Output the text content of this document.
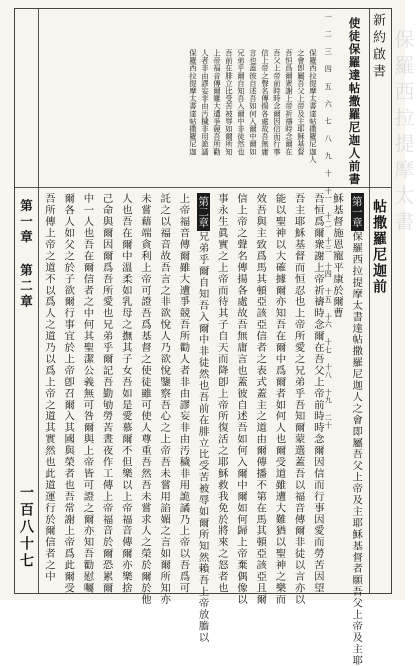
新約啟書
帖撒羅尼迦前
使徒保羅達帖撒羅尼迦人前書
一百八十七
第一章 第二章	一 二 三 四 五 六 七 八 九 十 十一 十二 十三 十四 十五 十六 十七 十八 十九 二十
保羅西拉提摩太書達帖撒羅尼迦人
之會卽屬吾父上帝及主耶穌基督
吾恒爲爾衆謝上帝祈禱時念爾在
吾父上帝前時時念爾因信而行事
信上帝之聲名傳揚各處故吾無庸
言也蓋彼自述吾如何入爾中爾如
兄弟乎爾自知吾入爾中非徒然也
吾前在腓立比受苦被辱如爾所知
上帝福音傳爾雖大遭爭競吾所勸
人者非由謬妄非由汚穢非用詭譎
保羅西拉提摩太書達帖撒羅尼迦
第一章
保羅西拉提摩太書達帖撒羅尼迦人之會即屬吾父上帝及主耶穌基督者願吾父上帝及主耶
穌基督施恩寵平康於爾曹
吾恒爲爾衆謝上帝祈禱時念爾在吾父上帝前時時念爾因信而行事因愛而勞苦因望
吾主耶穌基督而恒忍也上帝所愛之兄弟乎吾知爾蒙選蓋吾以福音傳爾非徒以言亦以
能以聖神以大確據爾亦知吾在爾中爲爾者如何人也爾受道雖遭大難猶以聖神之樂而
效吾與主致爲馬其頓亞該亞信者之表式蓋主之道由爾傳播不第在馬其頓亞該亞且爾
信上帝之聲名傳揚各處故吾無庸言也蓋彼自述吾如何入爾中爾如何歸上帝棄偶像以
事永生眞實之上帝而待其子自天而降卽上帝所復活之耶穌救我免於將來之怒者也
第二章
兄弟乎爾自知吾入爾中非徒然也吾前在腓立比受苦被辱如爾所知然賴吾上帝放膽以
上帝福音傳爾雖大遭爭競吾所勸人者非由謬妄非由汚穢非用詭譎乃上帝以吾爲可
託之以福音故吾言之非欲悅人乃欲悅鑒察吾心之上帝吾未嘗用諂媚之言如爾所知亦
未嘗藉端貪利上帝可證吾爲基督之使徒雖可使人尊重吾然吾未嘗求人之榮於爾於他
人也吾在爾中溫柔如乳母之撫其子女吾如是愛慕爾不但樂以上帝福音傳爾亦樂捨
己命與爾因爾爲吾所愛也兄弟乎爾記吾勤劬勞苦晝夜作工傳上帝福音於爾恐累爾
中一人也吾在爾信者之中何其聖潔公義無可咎爾與上帝皆可證之爾亦知吾勸慰囑
爾各人如父之於子欲爾行事宜於上帝卽召爾入其國與榮者也吾常謝上帝爲此爾受
吾所傳上帝之道不以爲人之道乃以爲上帝之道其實然也此道運行於爾信者之中
保羅西拉提摩太書
